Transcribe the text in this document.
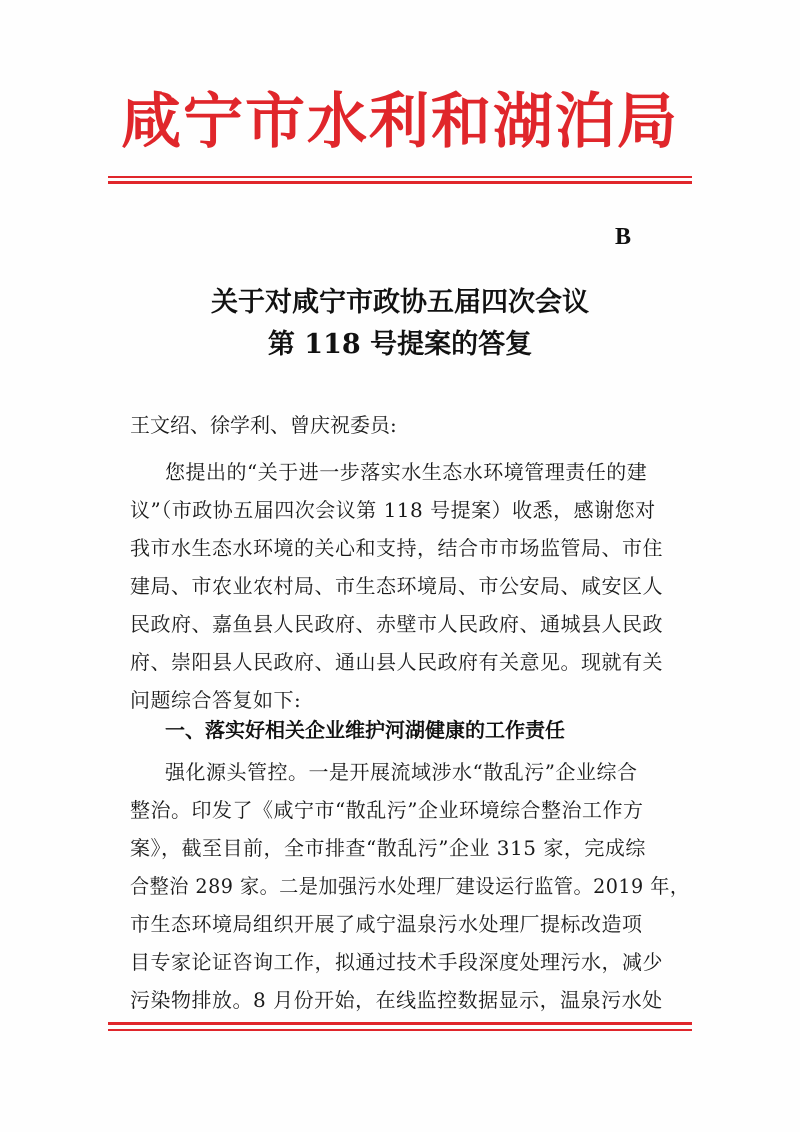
咸宁市水利和湖泊局
B
关于对咸宁市政协五届四次会议
第 118 号提案的答复
王文绍、徐学利、曾庆祝委员:
您提出的“关于进一步落实水生态水环境管理责任的建
议”（市政协五届四次会议第 118 号提案）收悉，感谢您对
我市水生态水环境的关心和支持，结合市市场监管局、市住
建局、市农业农村局、市生态环境局、市公安局、咸安区人
民政府、嘉鱼县人民政府、赤壁市人民政府、通城县人民政
府、崇阳县人民政府、通山县人民政府有关意见。现就有关
问题综合答复如下:
一、落实好相关企业维护河湖健康的工作责任
强化源头管控。一是开展流域涉水“散乱污”企业综合
整治。印发了《咸宁市“散乱污”企业环境综合整治工作方
案》，截至目前，全市排查“散乱污”企业 315 家，完成综
合整治 289 家。二是加强污水处理厂建设运行监管。2019 年，
市生态环境局组织开展了咸宁温泉污水处理厂提标改造项
目专家论证咨询工作，拟通过技术手段深度处理污水，减少
污染物排放。8 月份开始，在线监控数据显示，温泉污水处
